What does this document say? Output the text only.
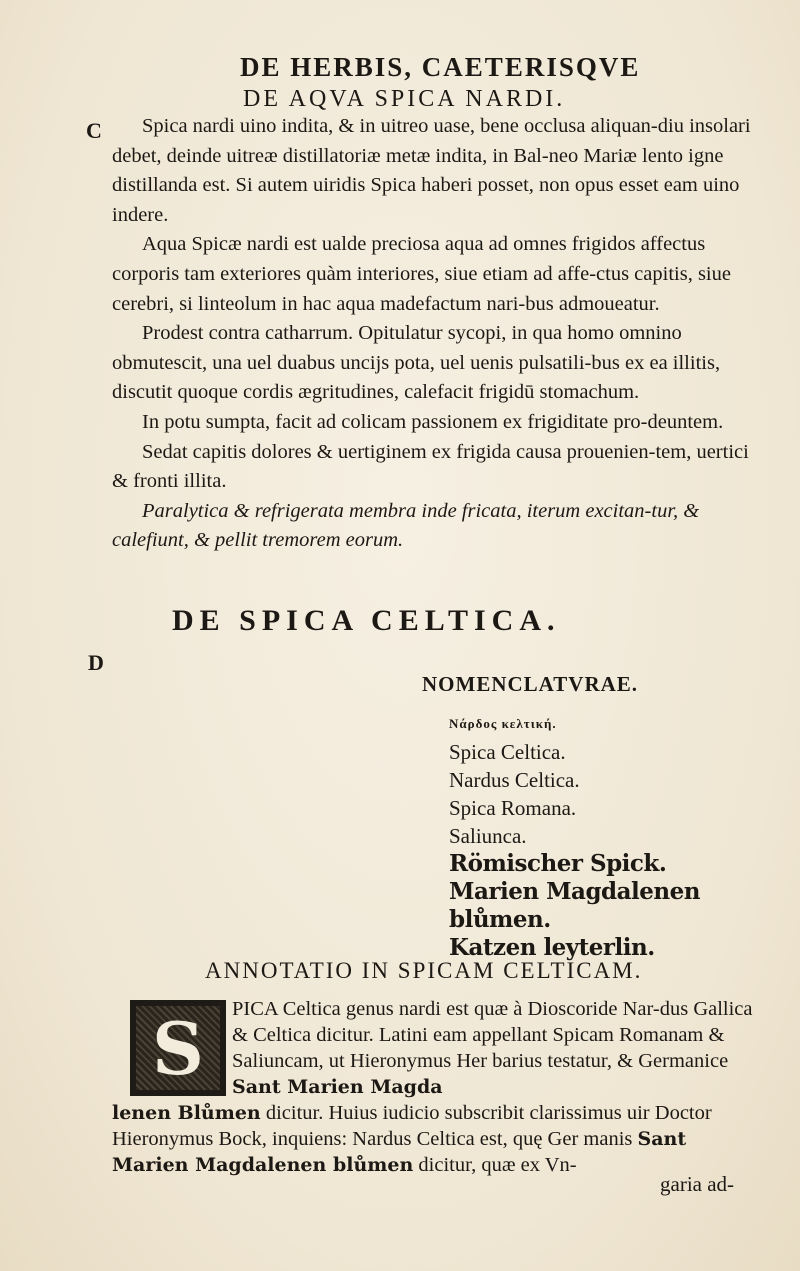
DE HERBIS, CAETERISQVE
DE AQVA SPICA NARDI.
C
D

Spica nardi uino indita, & in uitreo uase, bene occlusa aliquan-diu insolari debet, deinde uitreæ distillatoriæ metæ indita, in Bal-neo Mariæ lento igne distillanda est. Si autem uiridis Spica haberi posset, non opus esset eam uino indere.

Aqua Spicæ nardi est ualde preciosa aqua ad omnes frigidos affectus corporis tam exteriores quàm interiores, siue etiam ad affe-ctus capitis, siue cerebri, si linteolum in hac aqua madefactum nari-bus admoueatur.

Prodest contra catharrum. Opitulatur sycopi, in qua homo omnino obmutescit, una uel duabus uncijs pota, uel uenis pulsatili-bus ex ea illitis, discutit quoque cordis ægritudines, calefacit frigidū stomachum.

In potu sumpta, facit ad colicam passionem ex frigiditate pro-deuntem.

Sedat capitis dolores & uertiginem ex frigida causa prouenien-tem, uertici & fronti illita.

Paralytica & refrigerata membra inde fricata, iterum excitan-tur, & calefiunt, & pellit tremorem eorum.

DE SPICA CELTICA.
NOMENCLATVRAE.
Νάρδος κελτική.
Spica Celtica.
Nardus Celtica.
Spica Romana.
Saliunca.
Römischer Spick.
Marien Magdalenen
blůmen.
Katzen leyterlin.
ANNOTATIO IN SPICAM CELTICAM.
S	PICA Celtica genus nardi est quæ à Dioscoride Nar-dus Gallica & Celtica dicitur. Latini eam appellant Spicam Romanam & Saliuncam, ut Hieronymus Her barius testatur, & Germanice Sant Marien Magda

lenen Blůmen dicitur. Huius iudicio subscribit clarissimus uir Doctor Hieronymus Bock, inquiens: Nardus Celtica est, quę Ger manis Sant Marien Magdalenen blůmen dicitur, quæ ex Vn-

garia ad-
